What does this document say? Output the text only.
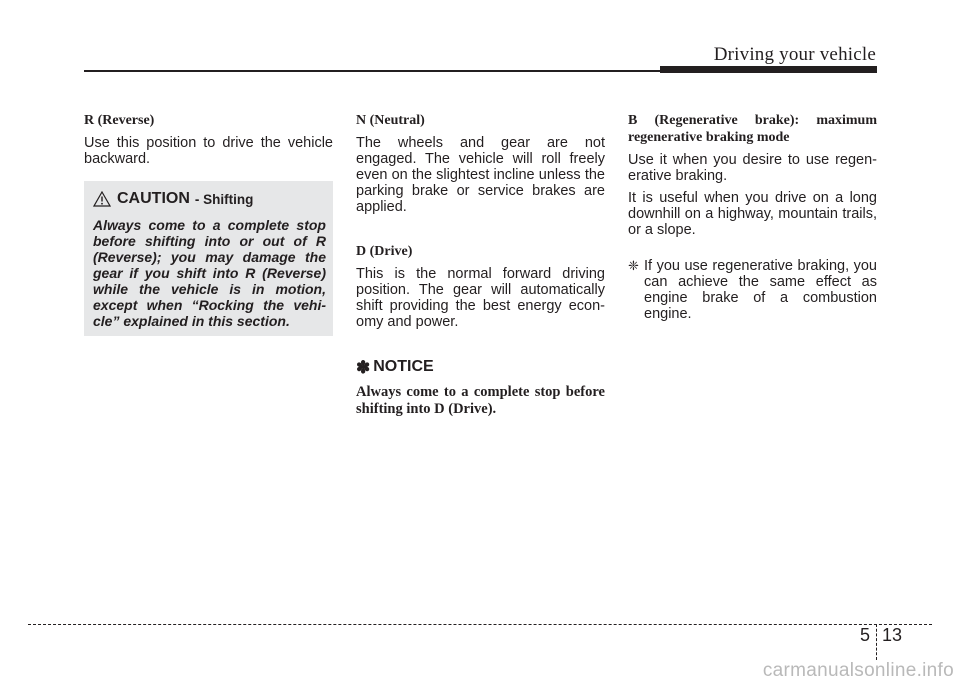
Driving your vehicle

R (Reverse)

Use this position to drive the vehicle backward.

CAUTION - Shifting

Always come to a complete stop before shifting into or out of R (Reverse); you may damage the gear if you shift into R (Reverse) while the vehicle is in motion, except when “Rocking the vehi- cle” explained in this section.

N (Neutral)

The wheels and gear are not engaged. The vehicle will roll freely even on the slightest incline unless the parking brake or service brakes are applied.

D (Drive)

This is the normal forward driving position. The gear will automatically shift providing the best energy econ- omy and power.

✽ NOTICE

Always come to a complete stop before shifting into D (Drive).

B (Regenerative brake): maximum regenerative braking mode

Use it when you desire to use regen- erative braking.

It is useful when you drive on a long downhill on a highway, mountain trails, or a slope.

❈ If you use regenerative braking, you can achieve the same effect as engine brake of a combustion engine.
5 13
carmanualsonline.info
